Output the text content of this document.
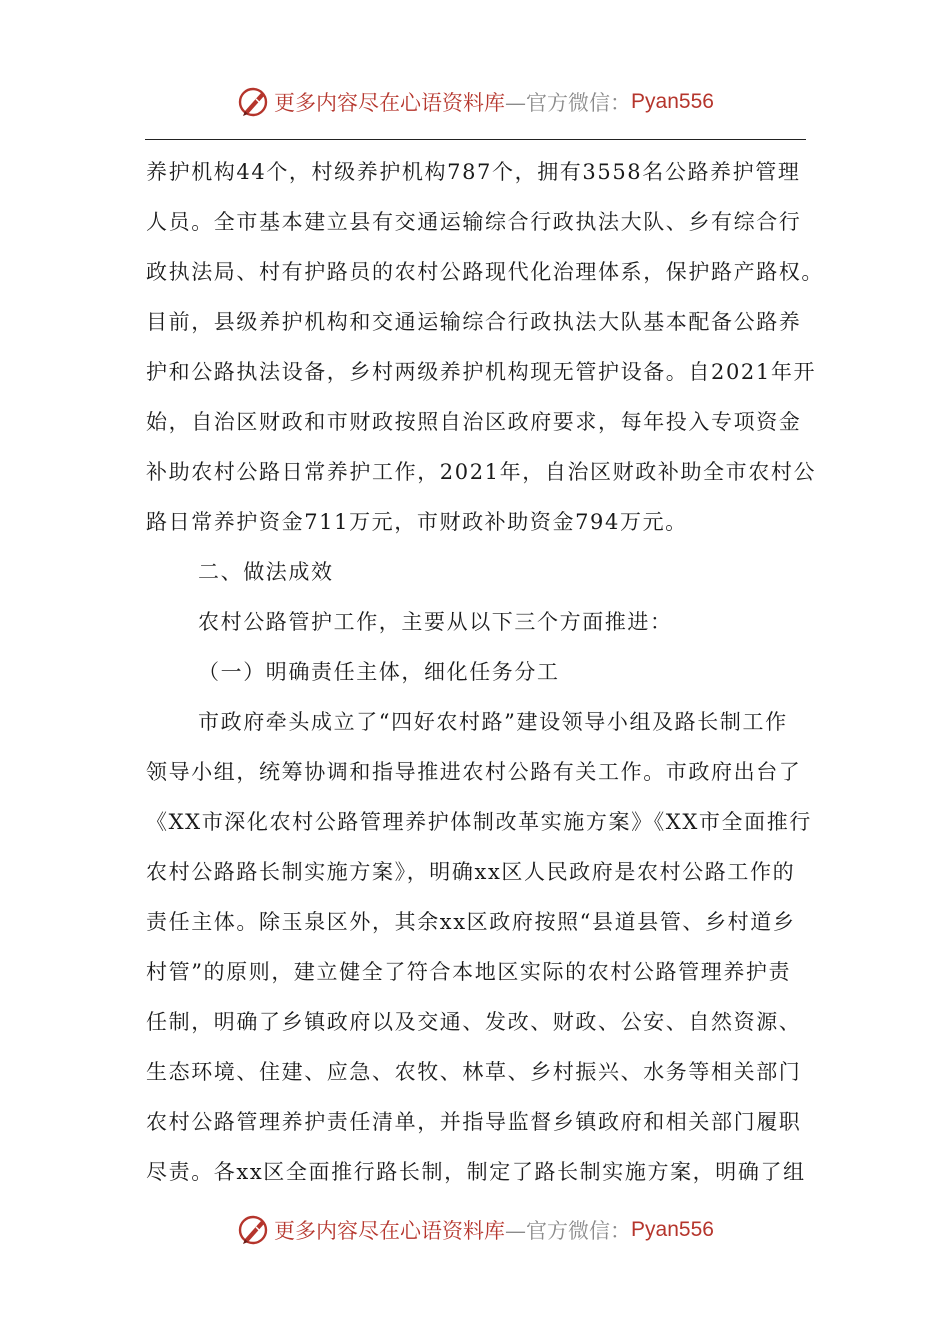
更多内容尽在心语资料库 —官方微信： Pyan556
养护机构44个，村级养护机构787个，拥有3558名公路养护管理
人员。全市基本建立县有交通运输综合行政执法大队、乡有综合行
政执法局、村有护路员的农村公路现代化治理体系，保护路产路权。
目前，县级养护机构和交通运输综合行政执法大队基本配备公路养
护和公路执法设备，乡村两级养护机构现无管护设备。自2021年开
始，自治区财政和市财政按照自治区政府要求，每年投入专项资金
补助农村公路日常养护工作，2021年，自治区财政补助全市农村公
路日常养护资金711万元，市财政补助资金794万元。
二、做法成效
农村公路管护工作，主要从以下三个方面推进：
（一）明确责任主体，细化任务分工
市政府牵头成立了“四好农村路”建设领导小组及路长制工作
领导小组，统筹协调和指导推进农村公路有关工作。市政府出台了
《XX市深化农村公路管理养护体制改革实施方案》《XX市全面推行
农村公路路长制实施方案》，明确xx区人民政府是农村公路工作的
责任主体。除玉泉区外，其余xx区政府按照“县道县管、乡村道乡
村管”的原则，建立健全了符合本地区实际的农村公路管理养护责
任制，明确了乡镇政府以及交通、发改、财政、公安、自然资源、
生态环境、住建、应急、农牧、林草、乡村振兴、水务等相关部门
农村公路管理养护责任清单，并指导监督乡镇政府和相关部门履职
尽责。各xx区全面推行路长制，制定了路长制实施方案，明确了组
更多内容尽在心语资料库 —官方微信： Pyan556
